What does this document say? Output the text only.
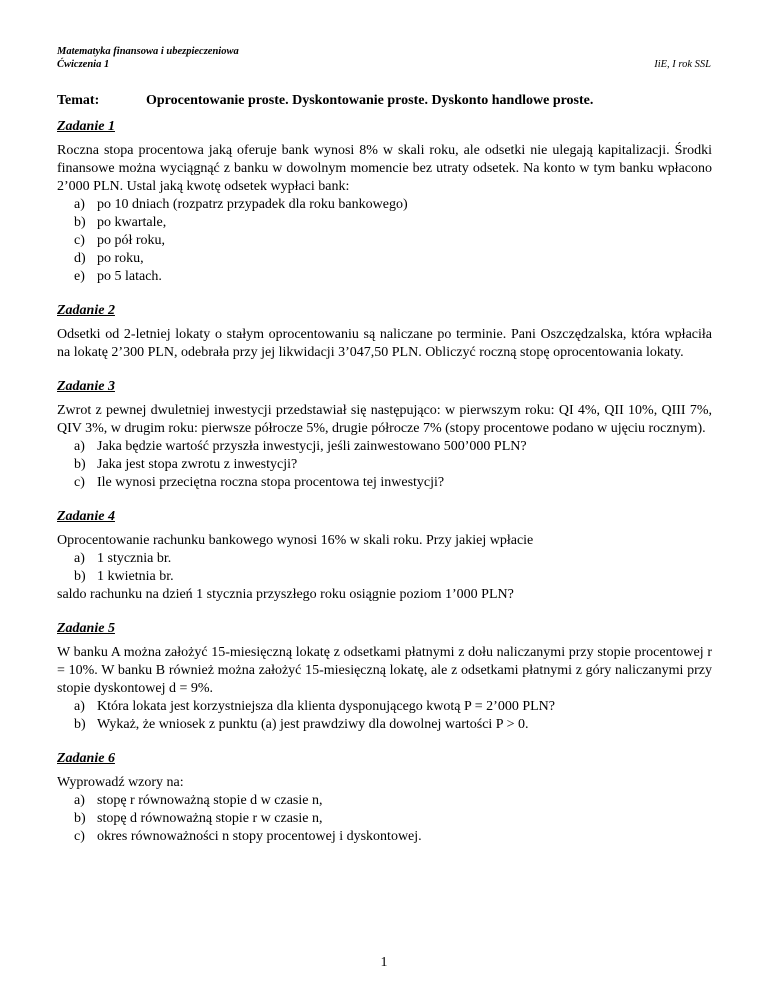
Matematyka finansowa i ubezpieczeniowa
Ćwiczenia 1	IiE, I rok SSL
Temat:	Oprocentowanie proste. Dyskontowanie proste. Dyskonto handlowe proste.
Zadanie 1

Roczna stopa procentowa jaką oferuje bank wynosi 8% w skali roku, ale odsetki nie ulegają kapitalizacji. Środki finansowe można wyciągnąć z banku w dowolnym momencie bez utraty odsetek. Na konto w tym banku wpłacono 2’000 PLN. Ustal jaką kwotę odsetek wypłaci bank:

a) po 10 dniach (rozpatrz przypadek dla roku bankowego)
b) po kwartale,
c) po pół roku,
d) po roku,
e) po 5 latach.
Zadanie 2

Odsetki od 2-letniej lokaty o stałym oprocentowaniu są naliczane po terminie. Pani Oszczędzalska, która wpłaciła na lokatę 2’300 PLN, odebrała przy jej likwidacji 3’047,50 PLN. Obliczyć roczną stopę oprocentowania lokaty.

Zadanie 3

Zwrot z pewnej dwuletniej inwestycji przedstawiał się następująco: w pierwszym roku: QI 4%, QII 10%, QIII 7%, QIV 3%, w drugim roku: pierwsze półrocze 5%, drugie półrocze 7% (stopy procentowe podano w ujęciu rocznym).

a) Jaka będzie wartość przyszła inwestycji, jeśli zainwestowano 500’000 PLN?
b) Jaka jest stopa zwrotu z inwestycji?
c) Ile wynosi przeciętna roczna stopa procentowa tej inwestycji?
Zadanie 4

Oprocentowanie rachunku bankowego wynosi 16% w skali roku. Przy jakiej wpłacie

a) 1 stycznia br.
b) 1 kwietnia br.

saldo rachunku na dzień 1 stycznia przyszłego roku osiągnie poziom 1’000 PLN?

Zadanie 5

W banku A można założyć 15-miesięczną lokatę z odsetkami płatnymi z dołu naliczanymi przy stopie procentowej r = 10%. W banku B również można założyć 15-miesięczną lokatę, ale z odsetkami płatnymi z góry naliczanymi przy stopie dyskontowej d = 9%.

a) Która lokata jest korzystniejsza dla klienta dysponującego kwotą P = 2’000 PLN?
b) Wykaż, że wniosek z punktu (a) jest prawdziwy dla dowolnej wartości P > 0.
Zadanie 6

Wyprowadź wzory na:

a) stopę r równoważną stopie d w czasie n,
b) stopę d równoważną stopie r w czasie n,
c) okres równoważności n stopy procentowej i dyskontowej.
1
